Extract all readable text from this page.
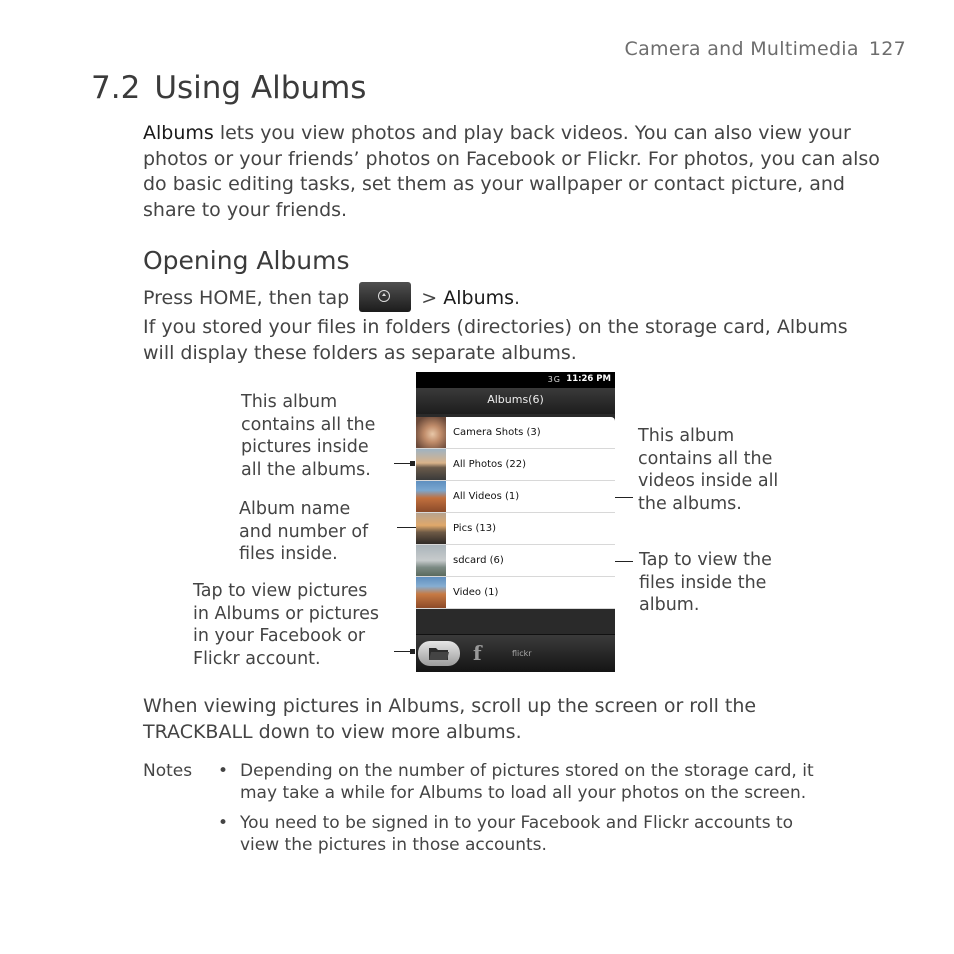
Camera and Multimedia 127
7.2 Using Albums
Albums lets you view photos and play back videos. You can also view your photos or your friends’ photos on Facebook or Flickr. For photos, you can also do basic editing tasks, set them as your wallpaper or contact picture, and share to your friends.
Opening Albums
Press HOME, then tap	> Albums.
If you stored your files in folders (directories) on the storage card, Albums will display these folders as separate albums.
This album
contains all the
pictures inside
all the albums.
Album name
and number of
files inside.
Tap to view pictures
in Albums or pictures
in your Facebook or
Flickr account.
This album
contains all the
videos inside all
the albums.
Tap to view the
files inside the
album.
3G 11:26 PM
Albums(6)
Camera Shots (3)
All Photos (22)
All Videos (1)
Pics (13)
sdcard (6)
Video (1)
f	flickr
When viewing pictures in Albums, scroll up the screen or roll the TRACKBALL down to view more albums.
Notes • Depending on the number of pictures stored on the storage card, it
may take a while for Albums to load all your photos on the screen.
• You need to be signed in to your Facebook and Flickr accounts to
view the pictures in those accounts.
